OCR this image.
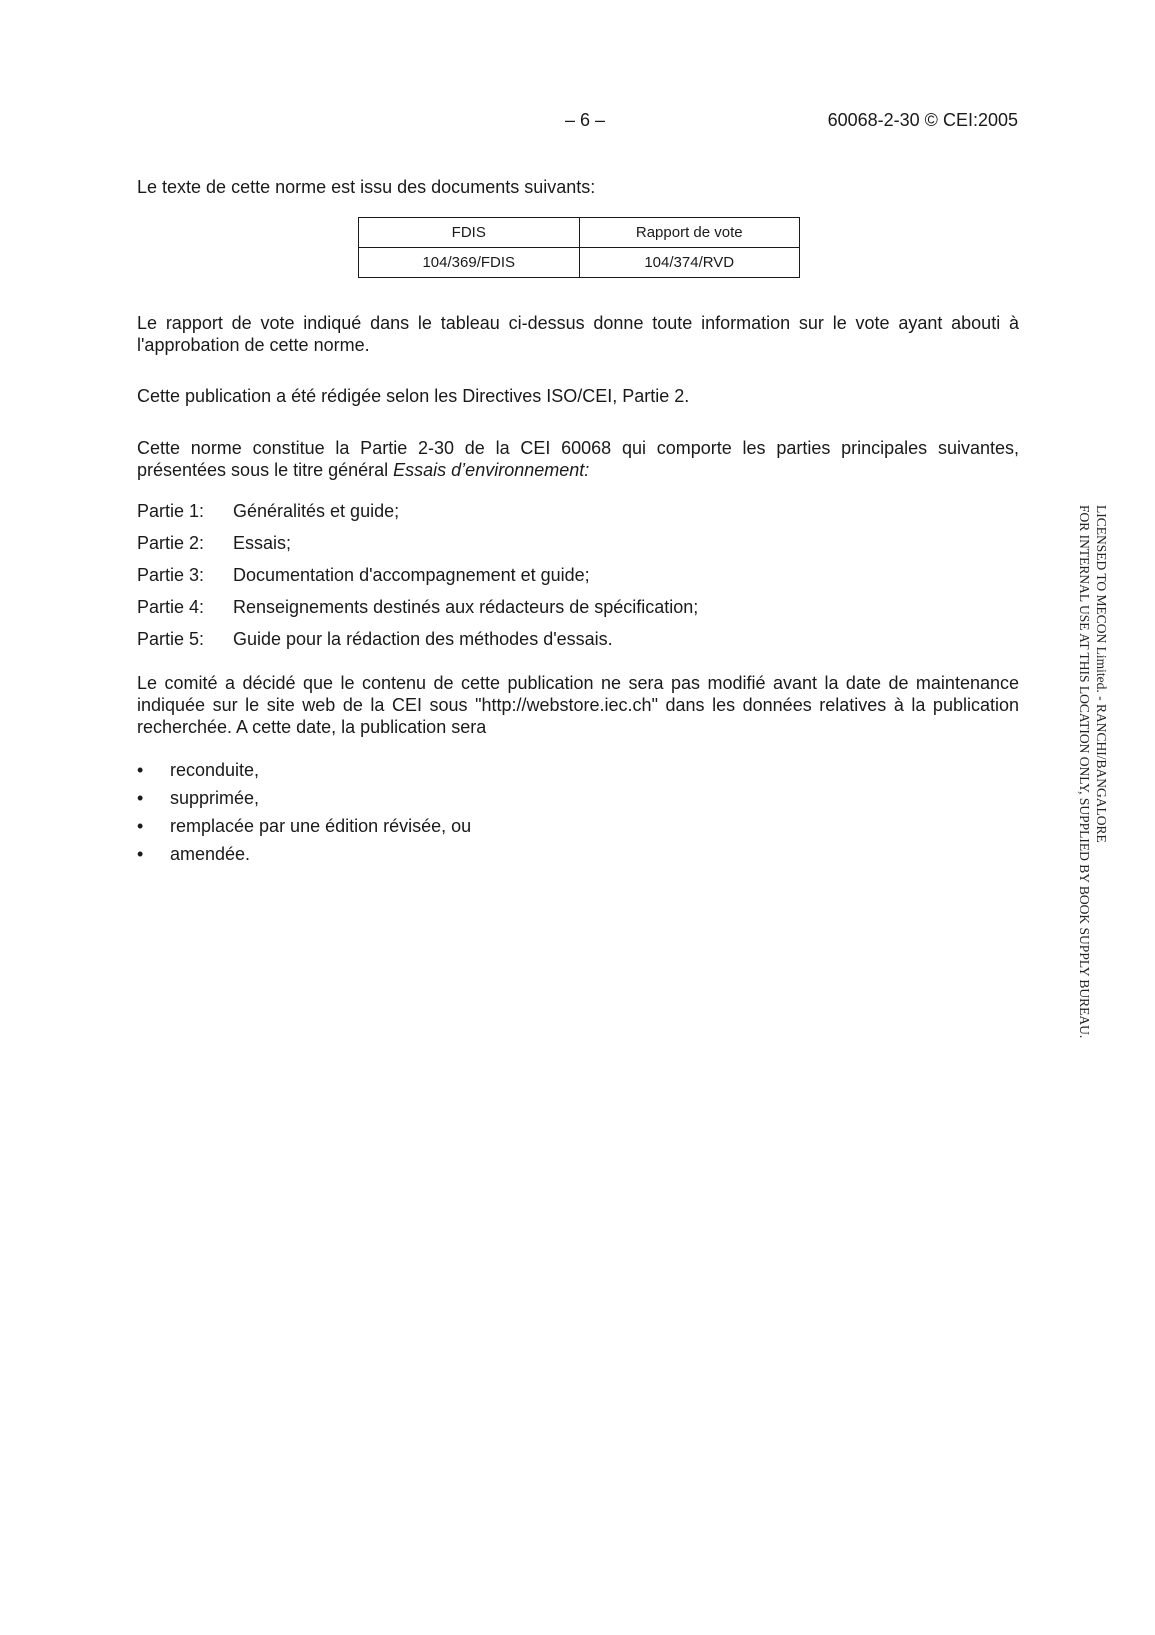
– 6 –	60068-2-30 © CEI:2005
Le texte de cette norme est issu des documents suivants:
FDIS	Rapport de vote
104/369/FDIS	104/374/RVD
Le rapport de vote indiqué dans le tableau ci-dessus donne toute information sur le vote ayant abouti à l'approbation de cette norme.
Cette publication a été rédigée selon les Directives ISO/CEI, Partie 2.
Cette norme constitue la Partie 2-30 de la CEI 60068 qui comporte les parties principales suivantes, présentées sous le titre général Essais d’environnement:
Partie 1:	Généralités et guide;
Partie 2:	Essais;
Partie 3:	Documentation d'accompagnement et guide;
Partie 4:	Renseignements destinés aux rédacteurs de spécification;
Partie 5:	Guide pour la rédaction des méthodes d'essais.
Le comité a décidé que le contenu de cette publication ne sera pas modifié avant la date de maintenance indiquée sur le site web de la CEI sous "http://webstore.iec.ch" dans les données relatives à la publication recherchée. A cette date, la publication sera
•	reconduite,
•	supprimée,
•	remplacée par une édition révisée, ou
•	amendée.
LICENSED TO MECON Limited. - RANCHI/BANGALORE
FOR INTERNAL USE AT THIS LOCATION ONLY, SUPPLIED BY BOOK SUPPLY BUREAU.
